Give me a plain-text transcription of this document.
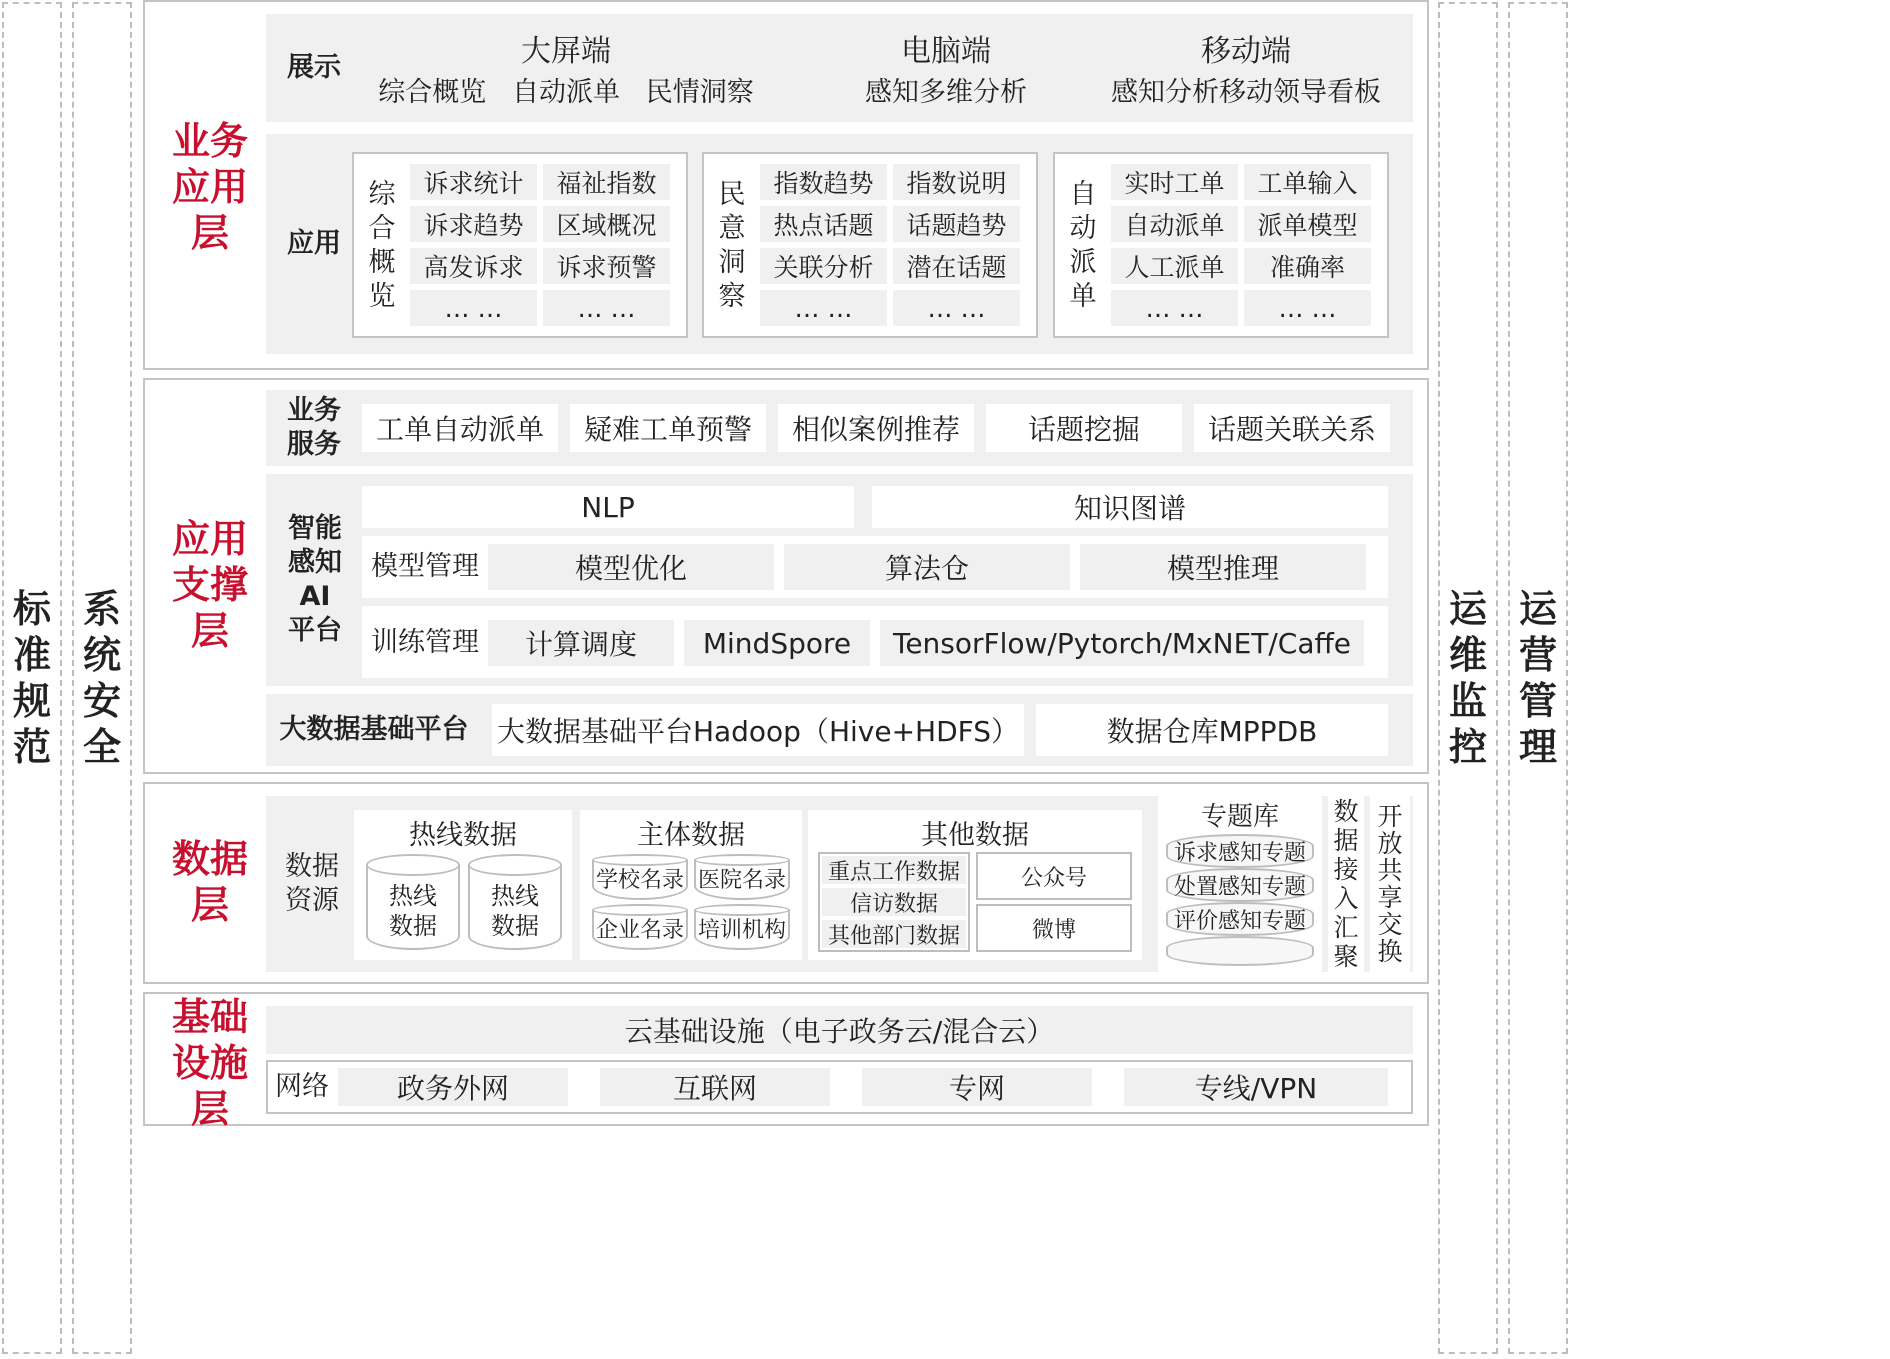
标
准
规
范
系
统
安
全
运
维
监
控
运
营
管
理
业务应用层
展示	大屏端
综合概览   自动派单   民情洞察
电脑端
感知多维分析
移动端
感知分析移动领导看板
应用
综
合
概
览
诉求统计	福祉指数
诉求趋势	区域概况
高发诉求	诉求预警
… …	… …
民
意
洞
察
指数趋势	指数说明
热点话题	话题趋势
关联分析	潜在话题
… …	… …
自
动
派
单
实时工单	工单输入
自动派单	派单模型
人工派单	准确率
… …	… …
应用支撑层
业务
服务	工单自动派单	疑难工单预警	相似案例推荐	话题挖掘	话题关联关系
智能
感知
AI
平台
NLP	知识图谱
模型管理	模型优化	算法仓	模型推理
训练管理	计算调度	MindSpore	TensorFlow/Pytorch/MxNET/Caffe
大数据基础平台 大数据基础平台Hadoop（Hive+HDFS）	数据仓库MPPDB
数据层
数据
资源
热线数据
热线
数据
热线
数据
主体数据
学校名录 医院名录
企业名录 培训机构
其他数据
重点工作数据
信访数据
其他部门数据
公众号
微博
专题库
诉求感知专题
处置感知专题
评价感知专题
数
据
接
入
汇
聚
开
放
共
享
交
换
基础
设施层
云基础设施（电子政务云/混合云）
网络	政务外网	互联网	专网	专线/VPN
